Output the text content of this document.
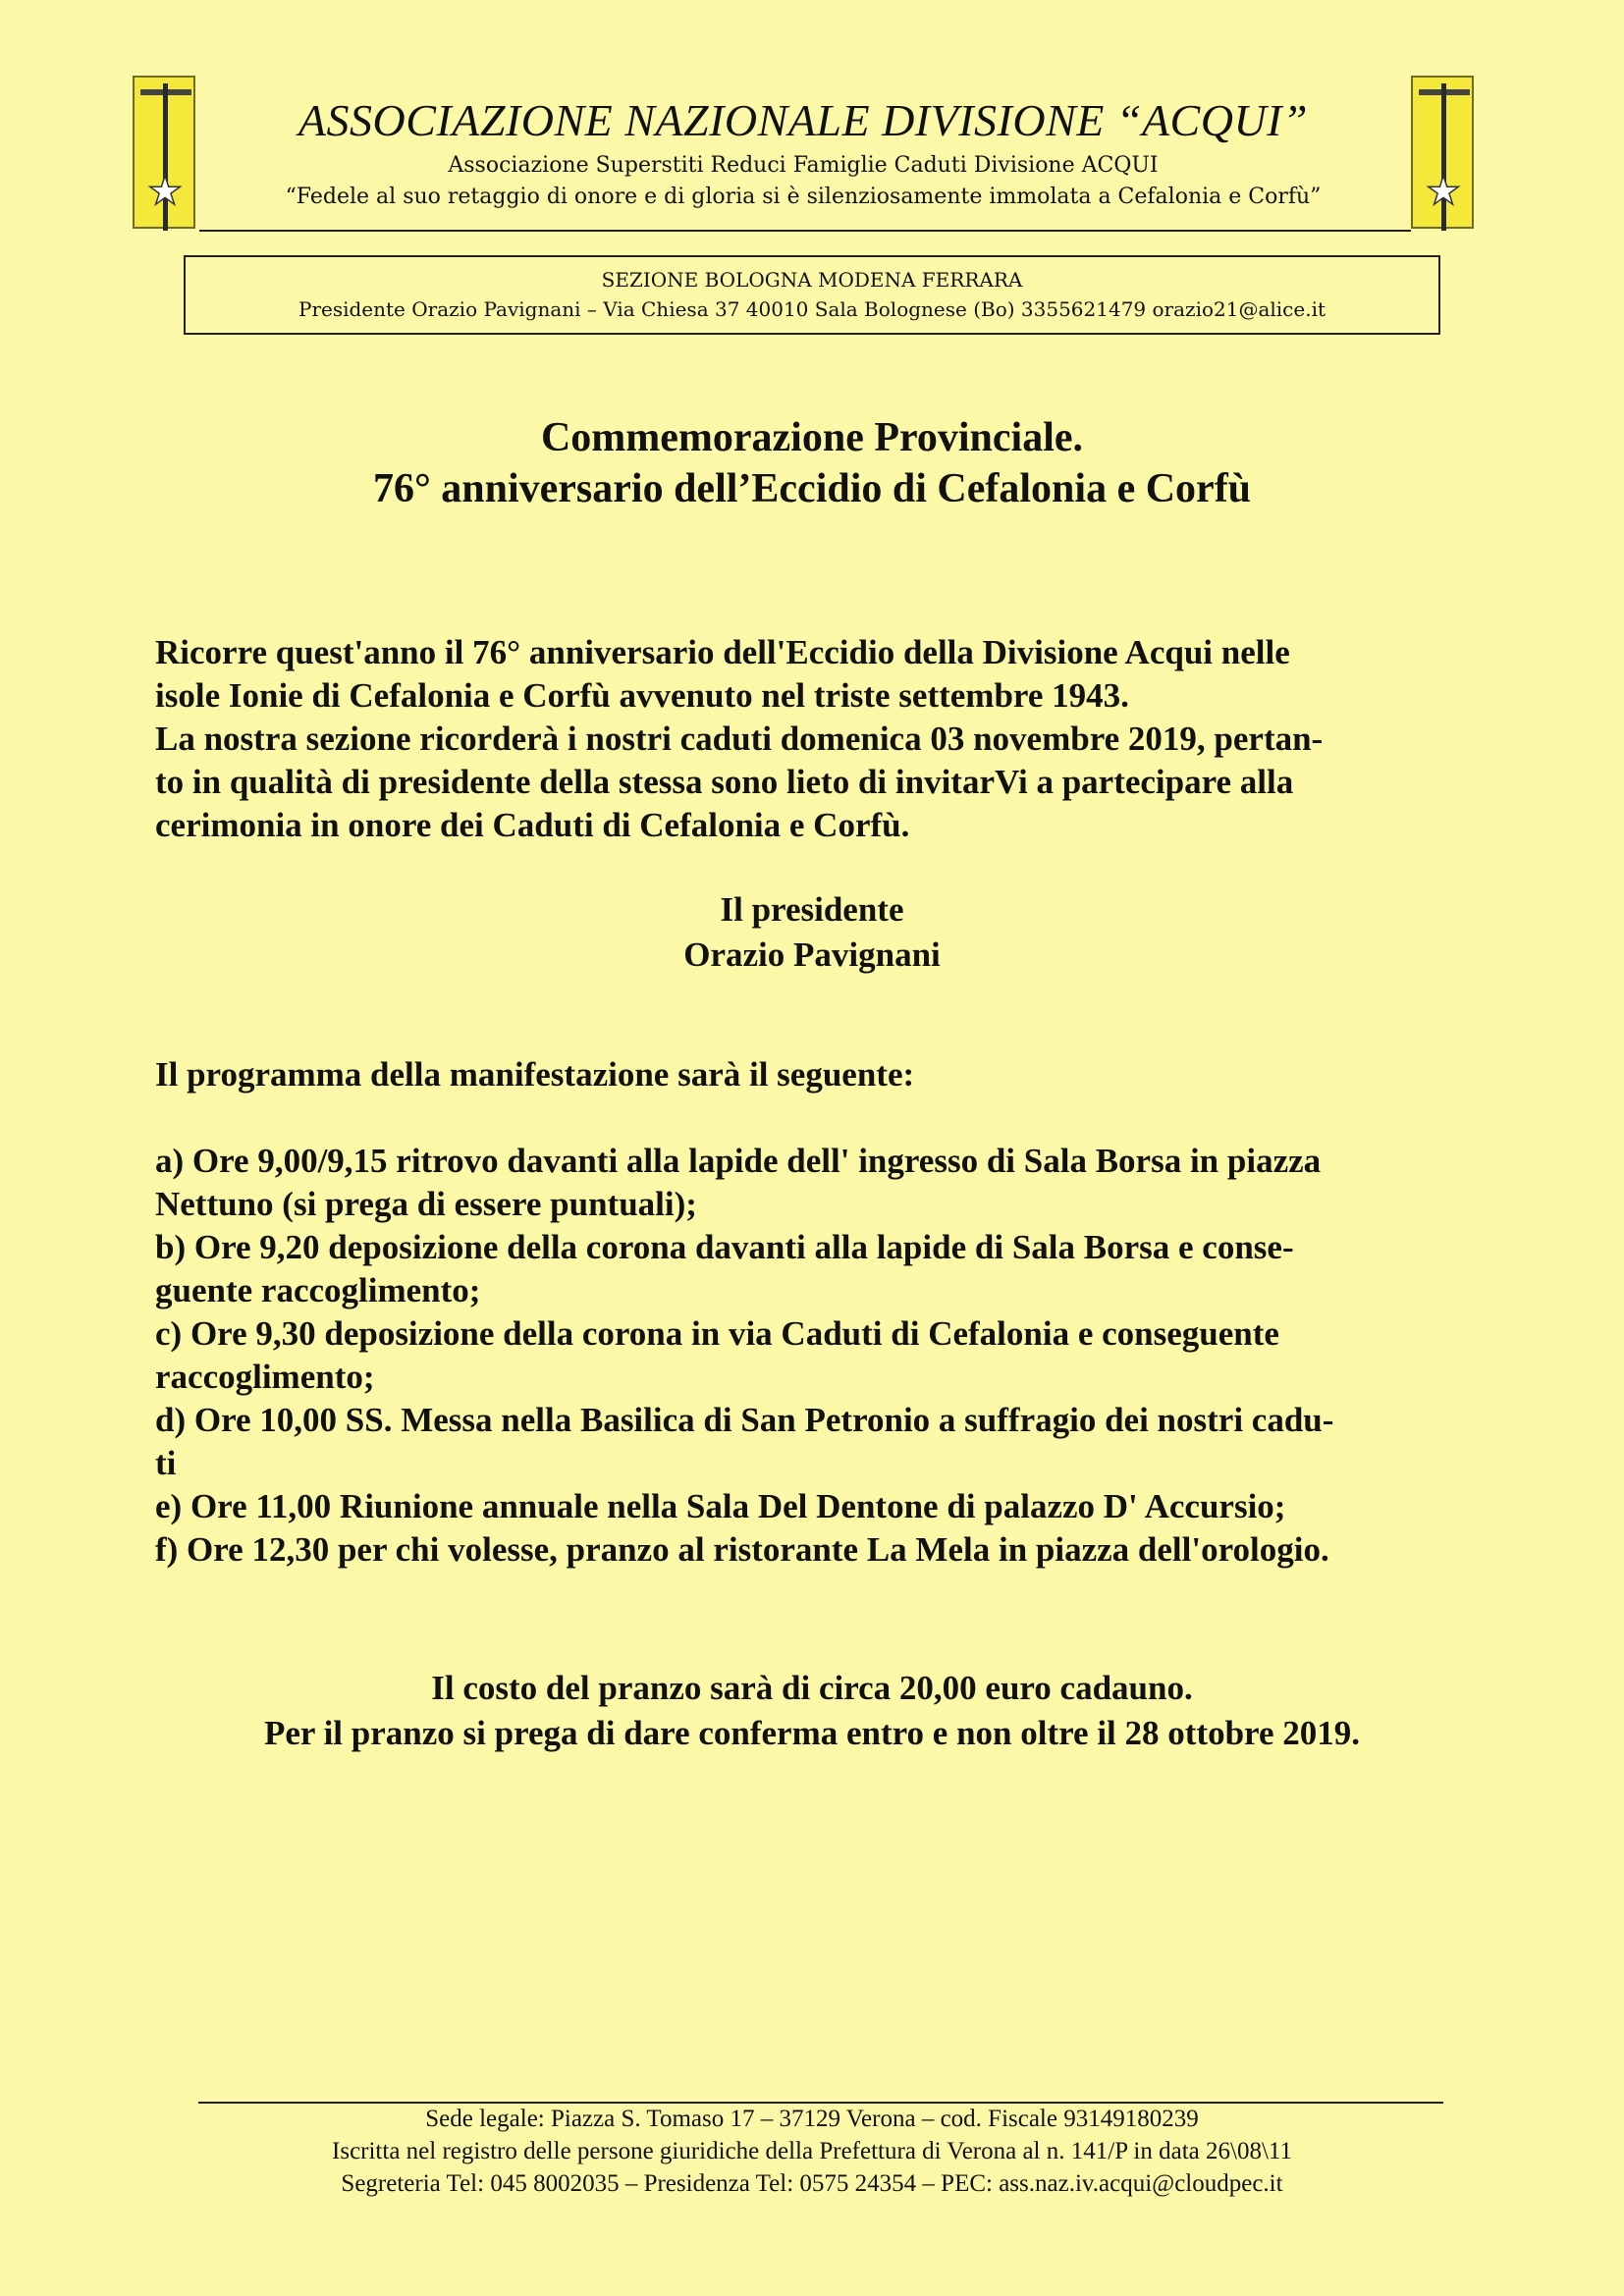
★	★
ASSOCIAZIONE NAZIONALE DIVISIONE “ACQUI”
Associazione Superstiti Reduci Famiglie Caduti Divisione ACQUI
“Fedele al suo retaggio di onore e di gloria si è silenziosamente immolata a Cefalonia e Corfù”
SEZIONE BOLOGNA MODENA FERRARA
Presidente Orazio Pavignani – Via Chiesa 37 40010 Sala Bolognese (Bo) 3355621479 orazio21@alice.it
Commemorazione Provinciale.
76° anniversario dell’Eccidio di Cefalonia e Corfù
Ricorre quest'anno il 76° anniversario dell'Eccidio della Divisione Acqui nelle
isole Ionie di Cefalonia e Corfù avvenuto nel triste settembre 1943.
La nostra sezione ricorderà i nostri caduti domenica 03 novembre 2019, pertan-
to in qualità di presidente della stessa sono lieto di invitarVi a partecipare alla
cerimonia in onore dei Caduti di Cefalonia e Corfù.
Il presidente
Orazio Pavignani
Il programma della manifestazione sarà il seguente:
a) Ore 9,00/9,15 ritrovo davanti alla lapide dell' ingresso di Sala Borsa in piazza
Nettuno (si prega di essere puntuali);
b) Ore 9,20 deposizione della corona davanti alla lapide di Sala Borsa e conse-
guente raccoglimento;
c) Ore 9,30 deposizione della corona in via Caduti di Cefalonia e conseguente
raccoglimento;
d) Ore 10,00 SS. Messa nella Basilica di San Petronio a suffragio dei nostri cadu-
ti
e) Ore 11,00 Riunione annuale nella Sala Del Dentone di palazzo D' Accursio;
f) Ore 12,30 per chi volesse, pranzo al ristorante La Mela in piazza dell'orologio.
Il costo del pranzo sarà di circa 20,00 euro cadauno.
Per il pranzo si prega di dare conferma entro e non oltre il 28 ottobre 2019.
Sede legale: Piazza S. Tomaso 17 – 37129 Verona – cod. Fiscale 93149180239
Iscritta nel registro delle persone giuridiche della Prefettura di Verona al n. 141/P in data 26\08\11
Segreteria Tel: 045 8002035 – Presidenza Tel: 0575 24354 – PEC: ass.naz.iv.acqui@cloudpec.it
